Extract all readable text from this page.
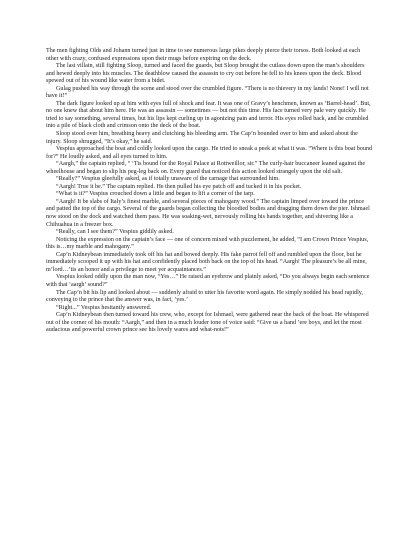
The men fighting Olds and Johann turned just in time to see numerous large pikes deeply pierce their torsos. Both looked at each other with crazy, confused expressions upon their mugs before expiring on the deck.

The last villain, still fighting Sloop, turned and faced the guards, but Sloop brought the cutlass down upon the man’s shoulders and hewed deeply into his muscles. The deathblow caused the assassin to cry out before he fell to his knees upon the deck. Blood spewed out of his wound like water from a bidet.

Gulag pushed his way through the scene and stood over the crumbled figure. “There is no thievery in my lands! None! I will not have it!”

The dark figure looked up at him with eyes full of shock and fear. It was one of Gravy’s henchmen, known as ‘Barrel-head’. But, no one knew that about him here. He was an assassin — sometimes — but not this time. His face turned very pale very quickly. He tried to say something, several times, but his lips kept curling up in agonizing pain and terror. His eyes rolled back, and he crumbled into a pile of black cloth and crimson onto the deck of the boat.

Sloop stood over him, breathing heavy and clutching his bleeding arm. The Cap’n bounded over to him and asked about the injury. Sloop shrugged, “It’s okay,” he said.

Vespius approached the boat and coldly looked upon the cargo. He tried to sneak a peek at what it was. “Where is this boat bound for?” He loudly asked, and all eyes turned to him.

“Aargh,” the captain replied, “ ‘Tis bound for the Royal Palace at Rottweillor, sir.” The curly-hair buccaneer leaned against the wheelhouse and began to slip his peg-leg back on. Every guard that noticed this action looked strangely upon the old salt.

“Really?” Vespius gleefully asked, as if totally unaware of the carnage that surrounded him.

“Aargh! True it be.” The captain replied. He then pulled his eye patch off and tucked it in his pocket.

“What is it?” Vespius crouched down a little and began to lift a corner of the tarp.

“Aargh! It be slabs of Italy’s finest marble, and several pieces of mahogany wood.” The captain limped over toward the prince and patted the top of the cargo. Several of the guards began collecting the bloodied bodies and dragging them down the pier. Ishmael now stood on the dock and watched them pass. He was soaking-wet, nervously rolling his hands together, and shivering like a Chihuahua in a freezer box.

“Really, can I see them?” Vespius giddily asked.

Noticing the expression on the captain’s face — one of concern mixed with puzzlement, he added, “I am Crown Prince Vespius, this is…my marble and mahogany.”

Cap’n Kidneybean immediately took off his hat and bowed deeply. His fake parrot fell off and rumbled upon the floor, but he immediately scooped it up with his hat and confidently placed both back on the top of his head. “Aargh! The pleasure’s be all mine, m’lord…’tis an honor and a privilege to meet yer acquaintances.”

Vespius looked oddly upon the man now, “Yes…” He raised an eyebrow and plainly asked, “Do you always begin each sentence with that ‘aargh’ sound?”

The Cap’n bit his lip and looked about — suddenly afraid to utter his favorite word again. He simply nodded his head rapidly, conveying to the prince that the answer was, in fact, ‘yes.’

“Right...” Vespius hesitantly answered.

Cap’n Kidneybean then turned toward his crew, who, except for Ishmael, were gathered near the back of the boat. He whispered out of the corner of his mouth: “Aargh,” and then in a much louder tone of voice said: “Give us a hand ’ere boys, and let the most audacious and powerful crown prince see his lovely wares and what-nots!”
